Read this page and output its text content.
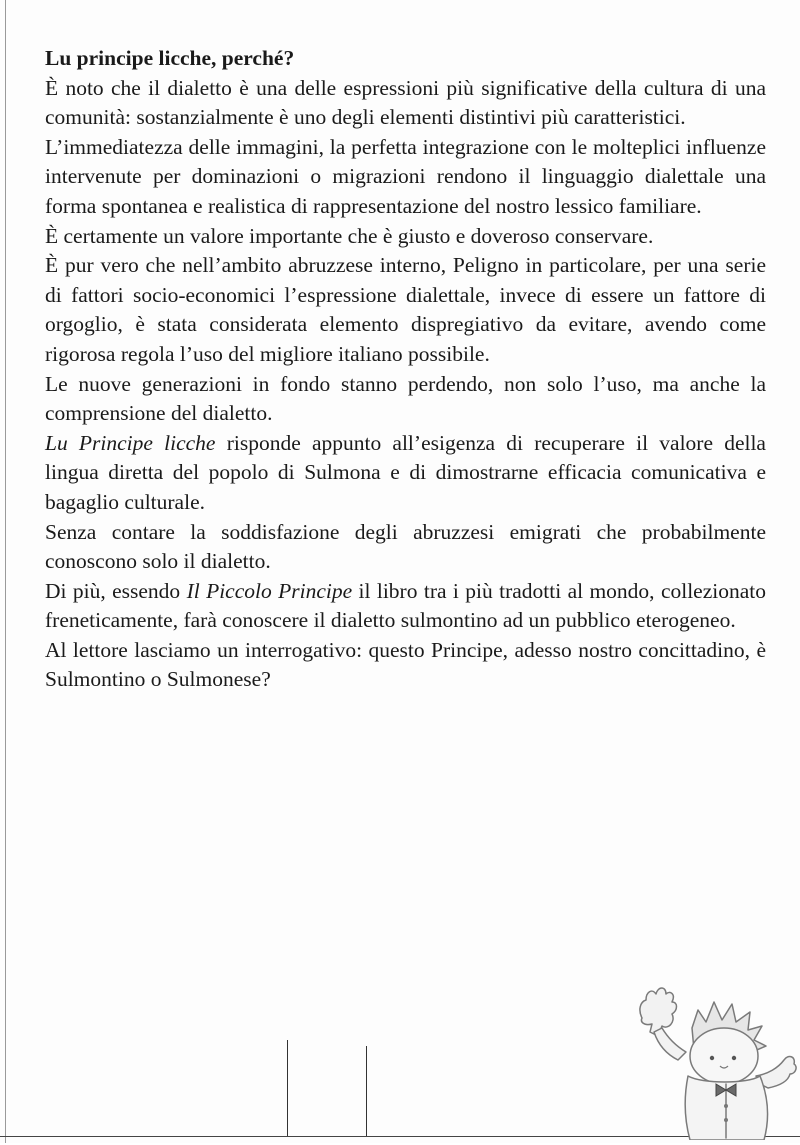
Lu principe licche, perché?

È noto che il dialetto è una delle espressioni più significative della cultura di una comunità: sostanzialmente è uno degli elementi distintivi più caratteristici.

L’immediatezza delle immagini, la perfetta integrazione con le molteplici influenze intervenute per dominazioni o migrazioni rendono il linguaggio dialettale una forma spontanea e realistica di rappresentazione del nostro lessico familiare.

È certamente un valore importante che è giusto e doveroso conservare.

È pur vero che nell’ambito abruzzese interno, Peligno in particolare, per una serie di fattori socio-economici l’espressione dialettale, invece di essere un fattore di orgoglio, è stata considerata elemento dispregiativo da evitare, avendo come rigorosa regola l’uso del migliore italiano possibile.

Le nuove generazioni in fondo stanno perdendo, non solo l’uso, ma anche la comprensione del dialetto.

Lu Principe licche risponde appunto all’esigenza di recuperare il valore della lingua diretta del popolo di Sulmona e di dimostrarne efficacia comunicativa e bagaglio culturale.

Senza contare la soddisfazione degli abruzzesi emigrati che probabilmente conoscono solo il dialetto.

Di più, essendo Il Piccolo Principe il libro tra i più tradotti al mondo, collezionato freneticamente, farà conoscere il dialetto sulmontino ad un pubblico eterogeneo.

Al lettore lasciamo un interrogativo: questo Principe, adesso nostro concittadino, è Sulmontino o Sulmonese?
